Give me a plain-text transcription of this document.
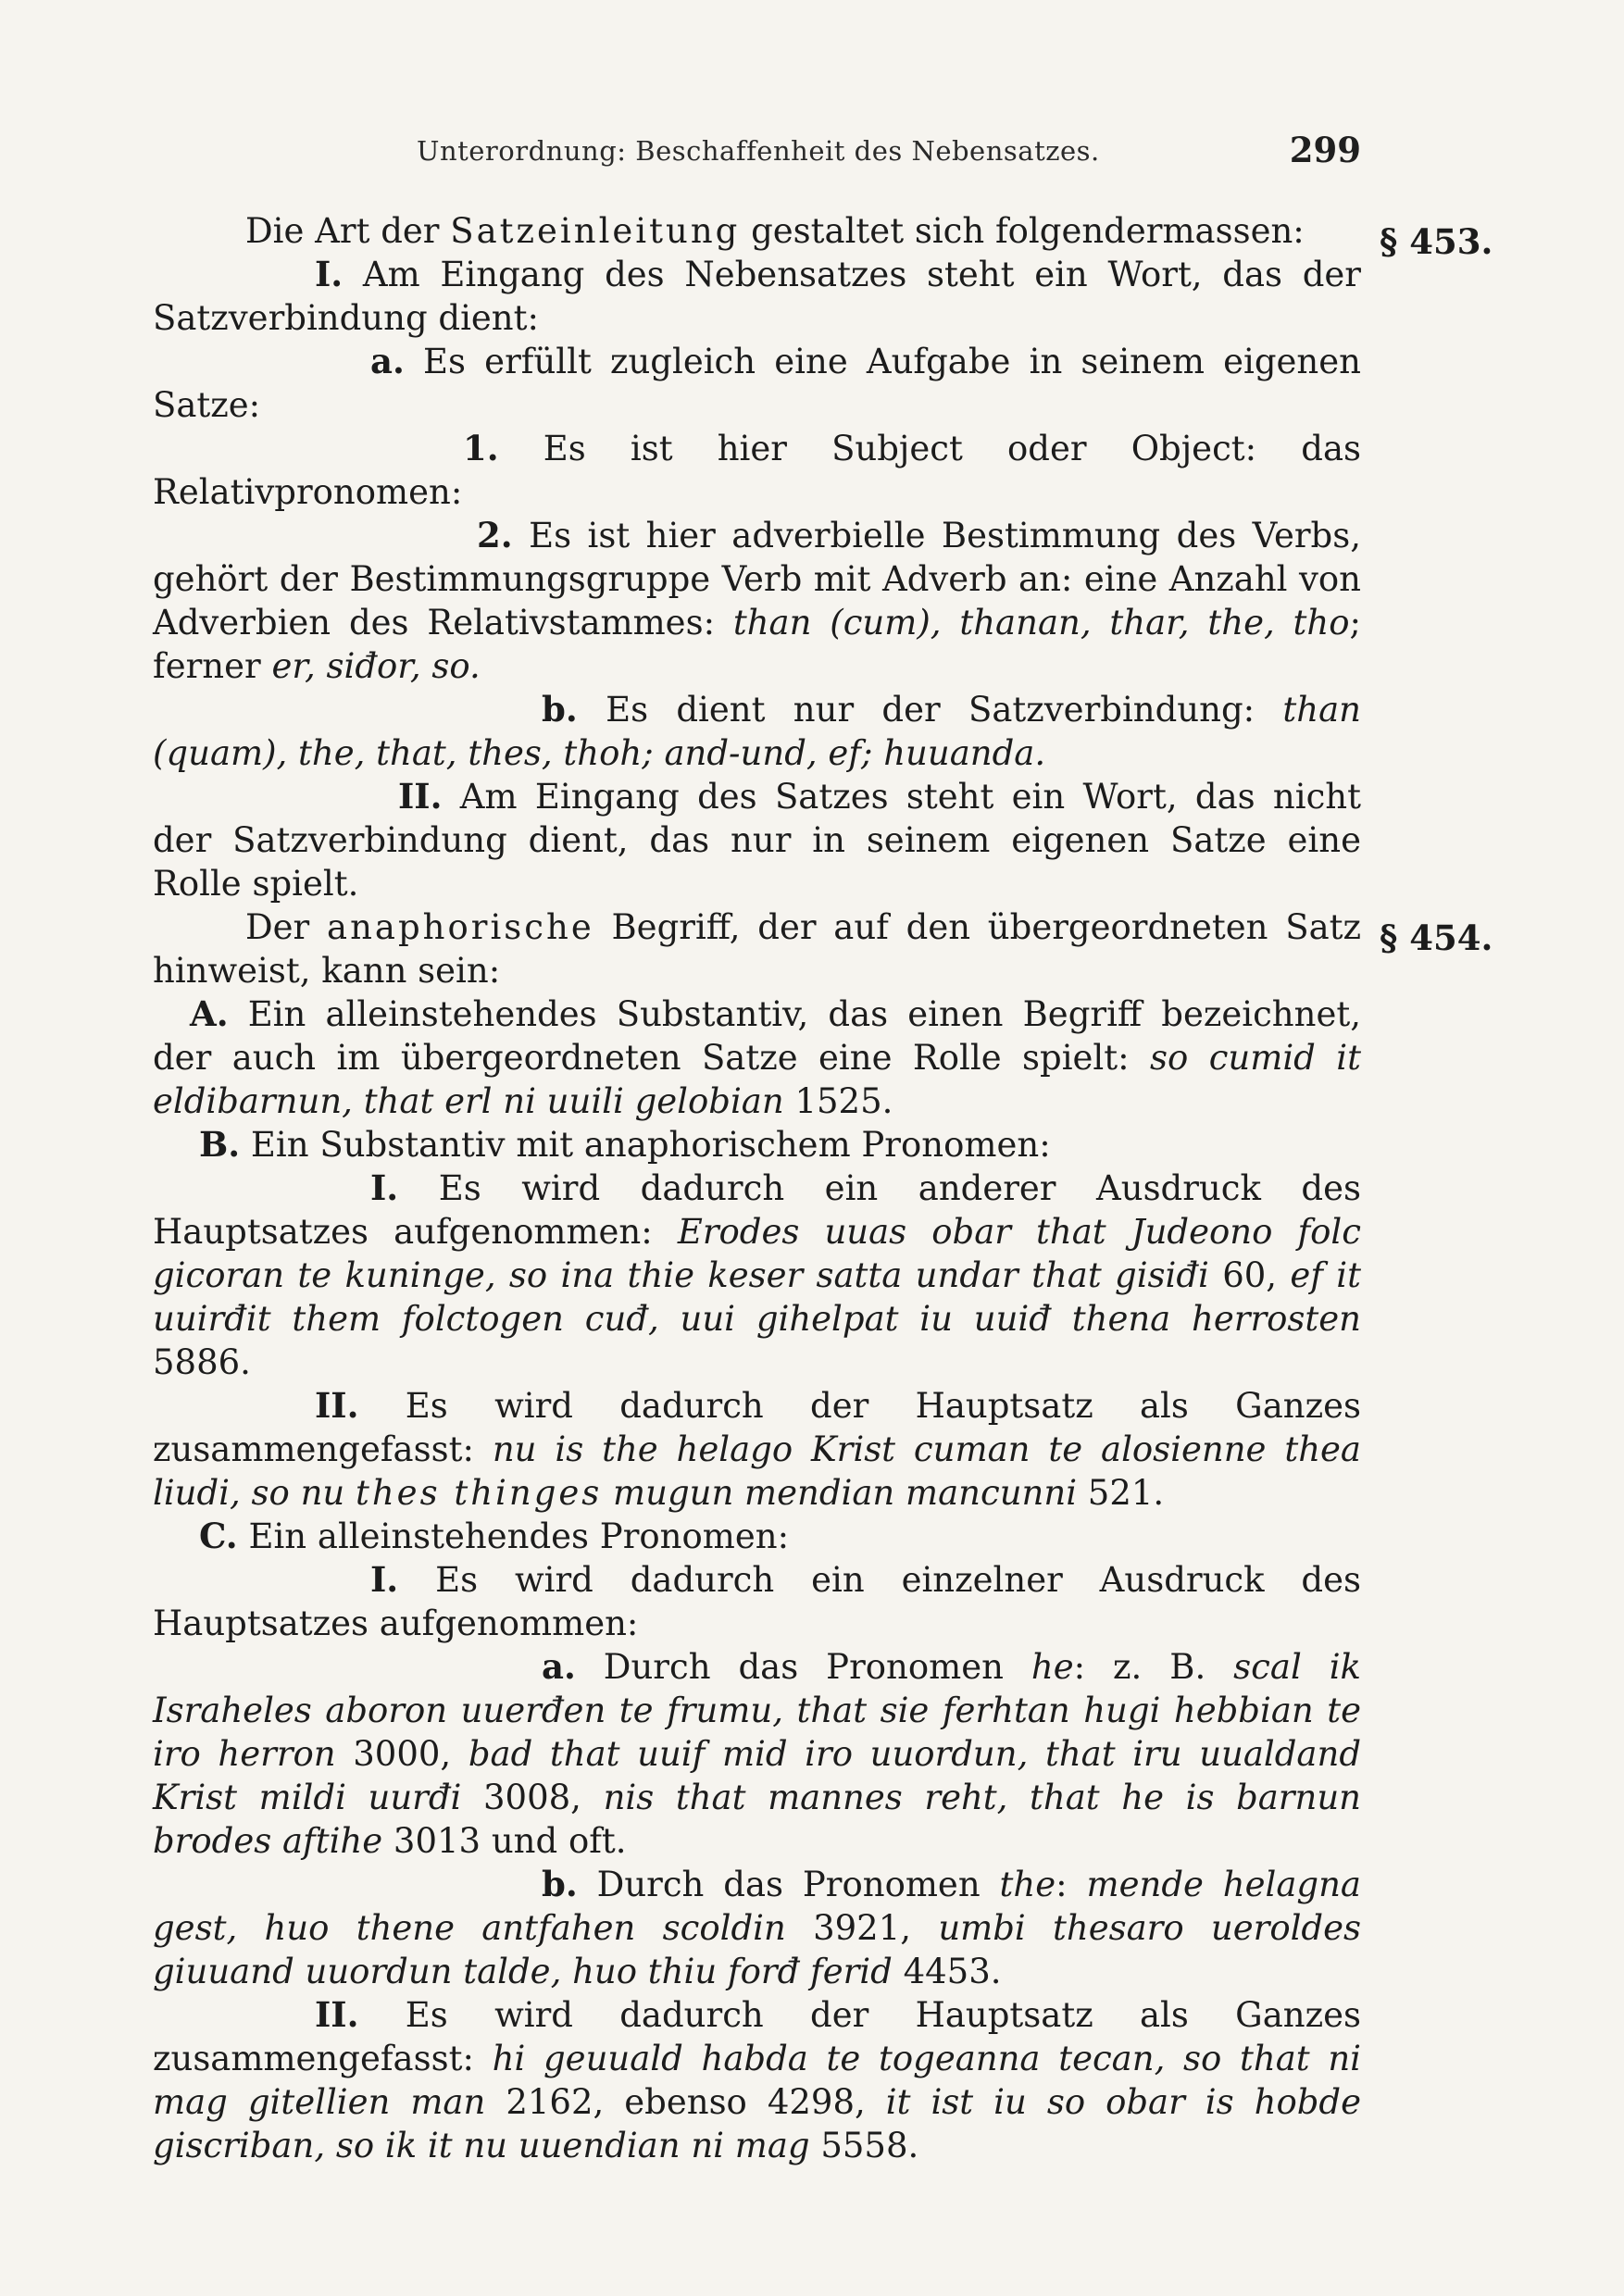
Unterordnung: Beschaffenheit des Nebensatzes.	299

Die Art der Satzeinleitung gestaltet sich folgendermassen:	§ 453.

I. Am Eingang des Nebensatzes steht ein Wort, das der Satzverbindung dient:

a. Es erfüllt zugleich eine Aufgabe in seinem eigenen Satze:

1. Es ist hier Subject oder Object: das Relativpronomen:

2. Es ist hier adverbielle Bestimmung des Verbs, gehört der Bestimmungsgruppe Verb mit Adverb an: eine Anzahl von Adverbien des Relativstammes: than (cum), thanan, thar, the, tho; ferner er, siđor, so.

b. Es dient nur der Satzverbindung: than (quam), the, that, thes, thoh; and-und, ef; huuanda.

II. Am Eingang des Satzes steht ein Wort, das nicht der Satzverbindung dient, das nur in seinem eigenen Satze eine Rolle spielt.

Der anaphorische Begriff, der auf den übergeordneten Satz hinweist, kann sein:

§ 454.

A. Ein alleinstehendes Substantiv, das einen Begriff bezeichnet, der auch im übergeordneten Satze eine Rolle spielt: so cumid it eldibarnun, that erl ni uuili gelobian 1525.

B. Ein Substantiv mit anaphorischem Pronomen:

I. Es wird dadurch ein anderer Ausdruck des Hauptsatzes aufgenommen: Erodes uuas obar that Judeono folc gicoran te kuninge, so ina thie keser satta undar that gisiđi 60, ef it uuirđit them folctogen cuđ, uui gihelpat iu uuiđ thena herrosten 5886.

II. Es wird dadurch der Hauptsatz als Ganzes zusammengefasst: nu is the helago Krist cuman te alosienne thea liudi, so nu thes thinges mugun mendian mancunni 521.

C. Ein alleinstehendes Pronomen:

I. Es wird dadurch ein einzelner Ausdruck des Hauptsatzes aufgenommen:

a. Durch das Pronomen he: z. B. scal ik Israheles aboron uuerđen te frumu, that sie ferhtan hugi hebbian te iro herron 3000, bad that uuif mid iro uuordun, that iru uualdand Krist mildi uurđi 3008, nis that mannes reht, that he is barnun brodes aftihe 3013 und oft.

b. Durch das Pronomen the: mende helagna gest, huo thene antfahen scoldin 3921, umbi thesaro ueroldes giuuand uuordun talde, huo thiu forđ ferid 4453.

II. Es wird dadurch der Hauptsatz als Ganzes zusammengefasst: hi geuuald habda te togeanna tecan, so that ni mag gitellien man 2162, ebenso 4298, it ist iu so obar is hobde giscriban, so ik it nu uuendian ni mag 5558.
